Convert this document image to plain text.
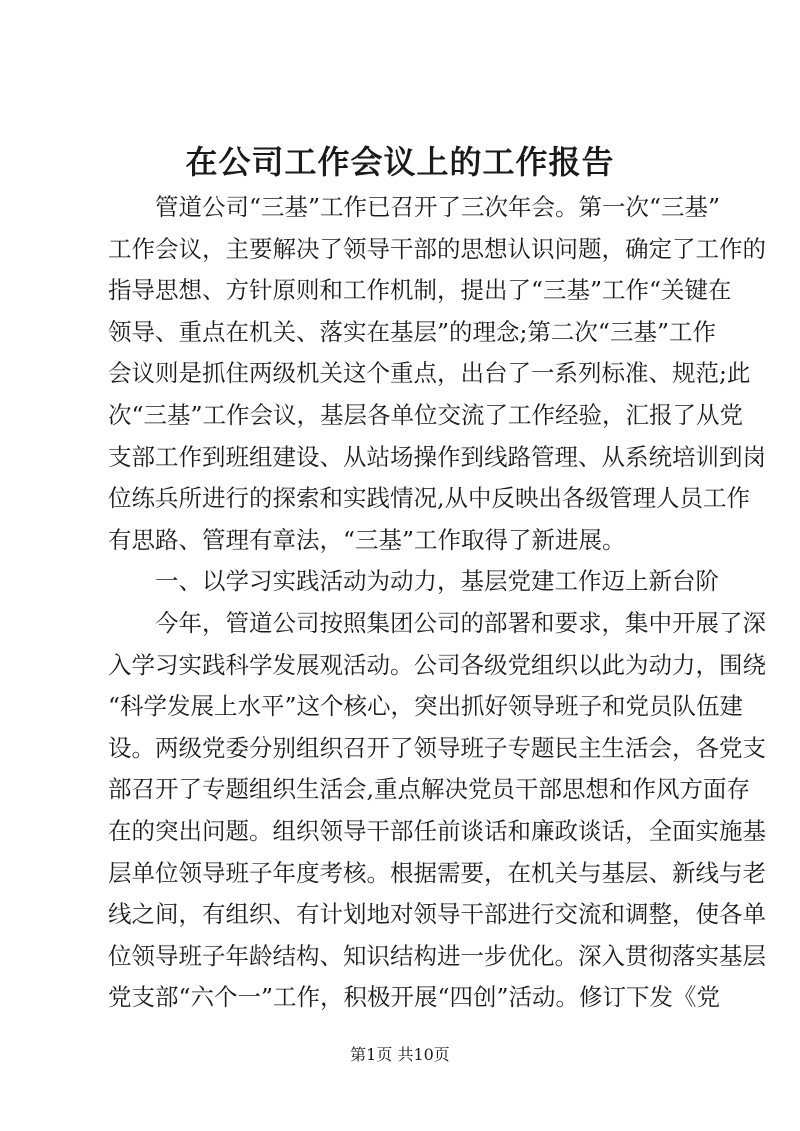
在公司工作会议上的工作报告
管道公司“三基”工作已召开了三次年会。第一次“三基”
工作会议，主要解决了领导干部的思想认识问题，确定了工作的
指导思想、方针原则和工作机制，提出了“三基”工作“关键在
领导、重点在机关、落实在基层”的理念;第二次“三基”工作
会议则是抓住两级机关这个重点，出台了一系列标准、规范;此
次“三基”工作会议，基层各单位交流了工作经验，汇报了从党
支部工作到班组建设、从站场操作到线路管理、从系统培训到岗
位练兵所进行的探索和实践情况,从中反映出各级管理人员工作
有思路、管理有章法，“三基”工作取得了新进展。
一、以学习实践活动为动力，基层党建工作迈上新台阶
今年，管道公司按照集团公司的部署和要求，集中开展了深
入学习实践科学发展观活动。公司各级党组织以此为动力，围绕
“科学发展上水平”这个核心，突出抓好领导班子和党员队伍建
设。两级党委分别组织召开了领导班子专题民主生活会，各党支
部召开了专题组织生活会,重点解决党员干部思想和作风方面存
在的突出问题。组织领导干部任前谈话和廉政谈话，全面实施基
层单位领导班子年度考核。根据需要，在机关与基层、新线与老
线之间，有组织、有计划地对领导干部进行交流和调整，使各单
位领导班子年龄结构、知识结构进一步优化。深入贯彻落实基层
党支部“六个一”工作，积极开展“四创”活动。修订下发《党
第1页 共10页
